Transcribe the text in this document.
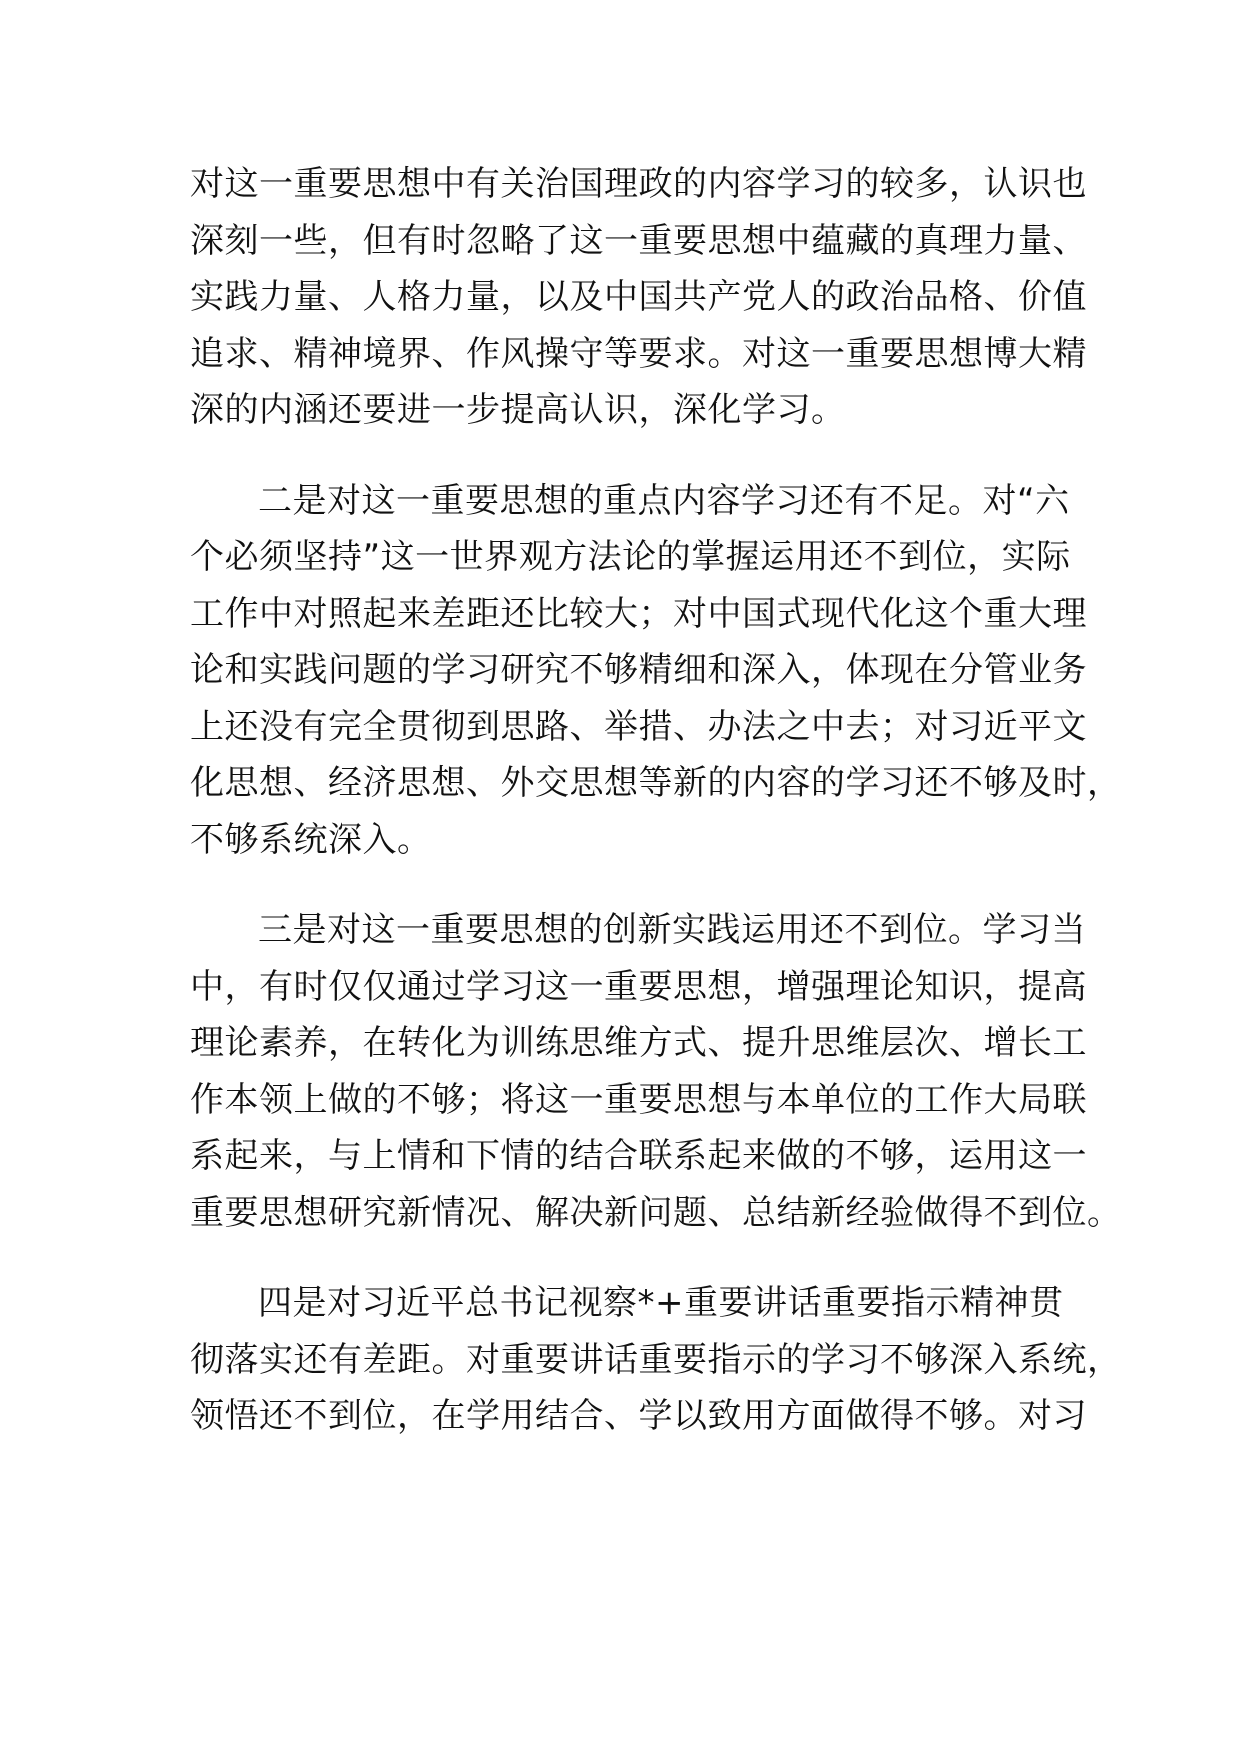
对这一重要思想中有关治国理政的内容学习的较多，认识也
深刻一些，但有时忽略了这一重要思想中蕴藏的真理力量、
实践力量、人格力量，以及中国共产党人的政治品格、价值
追求、精神境界、作风操守等要求。对这一重要思想博大精
深的内涵还要进一步提高认识，深化学习。

二是对这一重要思想的重点内容学习还有不足。对“六
个必须坚持”这一世界观方法论的掌握运用还不到位，实际
工作中对照起来差距还比较大；对中国式现代化这个重大理
论和实践问题的学习研究不够精细和深入，体现在分管业务
上还没有完全贯彻到思路、举措、办法之中去；对习近平文
化思想、经济思想、外交思想等新的内容的学习还不够及时，
不够系统深入。

三是对这一重要思想的创新实践运用还不到位。学习当
中，有时仅仅通过学习这一重要思想，增强理论知识，提高
理论素养，在转化为训练思维方式、提升思维层次、增长工
作本领上做的不够；将这一重要思想与本单位的工作大局联
系起来，与上情和下情的结合联系起来做的不够，运用这一
重要思想研究新情况、解决新问题、总结新经验做得不到位。

四是对习近平总书记视察*+重要讲话重要指示精神贯
彻落实还有差距。对重要讲话重要指示的学习不够深入系统，
领悟还不到位，在学用结合、学以致用方面做得不够。对习
